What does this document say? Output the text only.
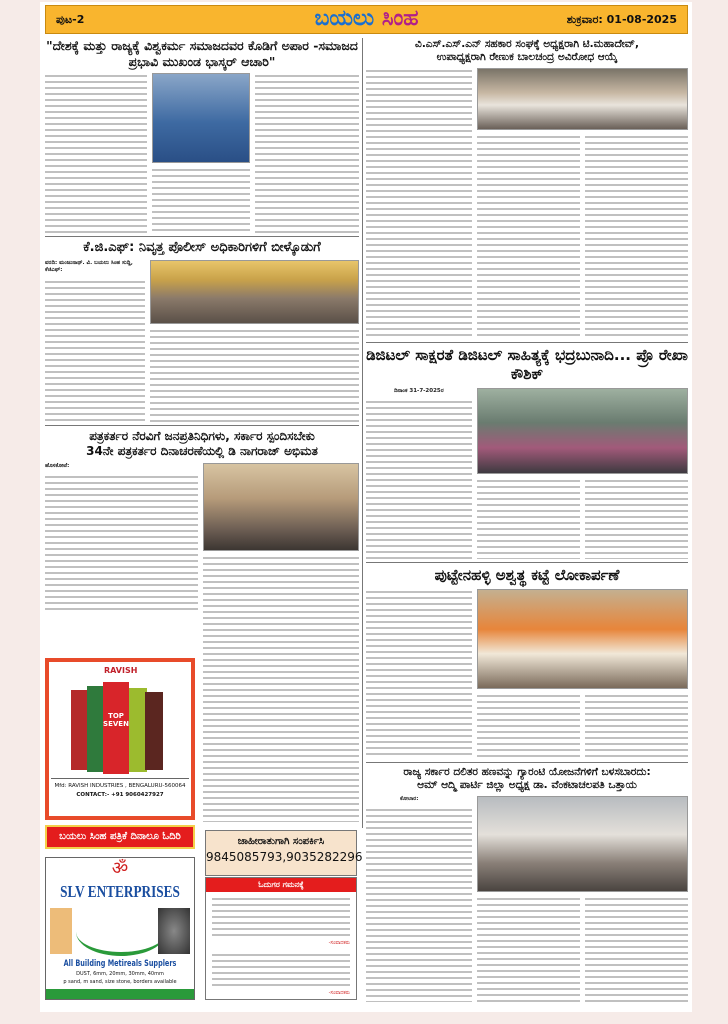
ಪುಟ-2	ಬಯಲು ಸಿಂಹ	ಶುಕ್ರವಾರ: 01-08-2025
"ದೇಶಕ್ಕೆ ಮತ್ತು ರಾಜ್ಯಕ್ಕೆ ವಿಶ್ವಕರ್ಮ ಸಮಾಜದವರ ಕೊಡಿಗೆ ಅಪಾರ -ಸಮಾಜದ ಪ್ರಭಾವಿ ಮುಖಂಡ ಭಾಸ್ಕರ್ ಆಚಾರಿ"
ಕೆ.ಜಿ.ಎಫ್: ನಿವೃತ್ತ ಪೊಲೀಸ್ ಅಧಿಕಾರಿಗಳಿಗೆ ಬೀಳ್ಕೊಡುಗೆ
ವರದಿ: ಮಂಜುನಾಥ್. ವಿ. ಬಯಲು ಸಿಂಹ ಸುದ್ದಿ, ಕೆಜಿಎಫ್:
ಪತ್ರಕರ್ತರ ನೆರವಿಗೆ ಜನಪ್ರತಿನಿಧಿಗಳು, ಸರ್ಕಾರ ಸ್ಪಂದಿಸಬೇಕು
34ನೇ ಪತ್ರಕರ್ತರ ದಿನಾಚರಣೆಯಲ್ಲಿ ಡಿ ನಾಗರಾಜ್ ಅಭಿಮತ
ಹೊಸಕೋಟೆ:
RAVISH
TOP SEVEN
Mfd: RAVISH INDUSTRIES , BENGALURU-560064
CONTACT:- +91 9060427927
ಬಯಲು ಸಿಂಹ ಪತ್ರಿಕೆ ದಿನಾಲೂ ಓದಿರಿ
ॐ
SLV ENTERPRISES
All Building Metireals Supplers
DUST, 6mm, 20mm, 30mm, 40mm
p sand, m sand, size stone, borders available
ಜಾಹೀರಾತುಗಾಗಿ ಸಂಪರ್ಕಿಸಿ
9845085793,9035282296
ಓದುಗರ ಗಮನಕ್ಕೆ
-ಸಂಪಾದಕರು
-ಸಂಪಾದಕರು
ವಿ.ಎಸ್.ಎಸ್.ಎನ್ ಸಹಕಾರ ಸಂಘಕ್ಕೆ ಅಧ್ಯಕ್ಷರಾಗಿ ಟಿ.ಮಹಾದೇವ್,
ಉಪಾಧ್ಯಕ್ಷರಾಗಿ ರೇಣುಕ ಬಾಲಚಂದ್ರ ಅವಿರೋಧ ಆಯ್ಕೆ
ಡಿಜಿಟಲ್ ಸಾಕ್ಷರತೆ ಡಿಜಿಟಲ್ ಸಾಹಿತ್ಯಕ್ಕೆ ಭದ್ರಬುನಾದಿ... ಪ್ರೊ ರೇಖಾ ಕೌಶಿಕ್
ದಿನಾಂಕ 31-7-2025ರ
ಪುಟ್ಟೇನಹಳ್ಳಿ ಅಶ್ವತ್ಥ ಕಟ್ಟೆ ಲೋಕಾರ್ಪಣೆ
ರಾಜ್ಯ ಸರ್ಕಾರ ದಲಿತರ ಹಣವನ್ನು ಗ್ಯಾರಂಟಿ ಯೋಜನೆಗಳಿಗೆ ಬಳಸಬಾರದು:
ಆಮ್ ಆದ್ಮಿ ಪಾರ್ಟಿ ಜಿಲ್ಲಾ ಅಧ್ಯಕ್ಷ ಡಾ. ವೆಂಕಟಾಚಲಪತಿ ಒತ್ತಾಯ
ಕೋಲಾರ:
